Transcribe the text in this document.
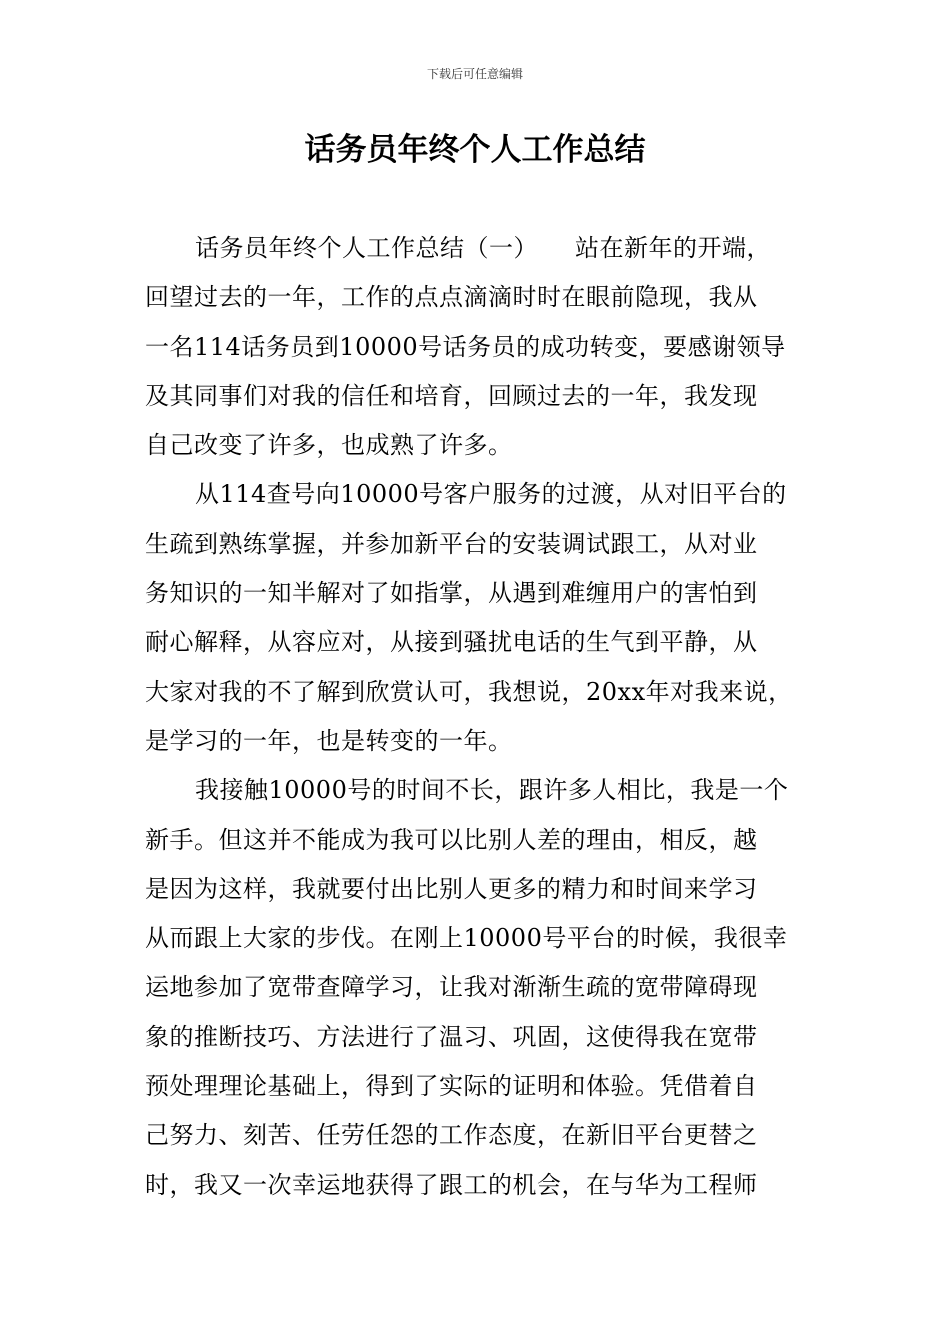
下载后可任意编辑
话务员年终个人工作总结
话务员年终个人工作总结（一）　　站在新年的开端，
回望过去的一年，工作的点点滴滴时时在眼前隐现，我从
一名114话务员到10000号话务员的成功转变，要感谢领导
及其同事们对我的信任和培育，回顾过去的一年，我发现
自己改变了许多，也成熟了许多。
从114查号向10000号客户服务的过渡，从对旧平台的
生疏到熟练掌握，并参加新平台的安装调试跟工，从对业
务知识的一知半解对了如指掌，从遇到难缠用户的害怕到
耐心解释，从容应对，从接到骚扰电话的生气到平静，从
大家对我的不了解到欣赏认可，我想说，20xx年对我来说，
是学习的一年，也是转变的一年。
我接触10000号的时间不长，跟许多人相比，我是一个
新手。但这并不能成为我可以比别人差的理由，相反，越
是因为这样，我就要付出比别人更多的精力和时间来学习
从而跟上大家的步伐。在刚上10000号平台的时候，我很幸
运地参加了宽带查障学习，让我对渐渐生疏的宽带障碍现
象的推断技巧、方法进行了温习、巩固，这使得我在宽带
预处理理论基础上，得到了实际的证明和体验。凭借着自
己努力、刻苦、任劳任怨的工作态度，在新旧平台更替之
时，我又一次幸运地获得了跟工的机会，在与华为工程师
